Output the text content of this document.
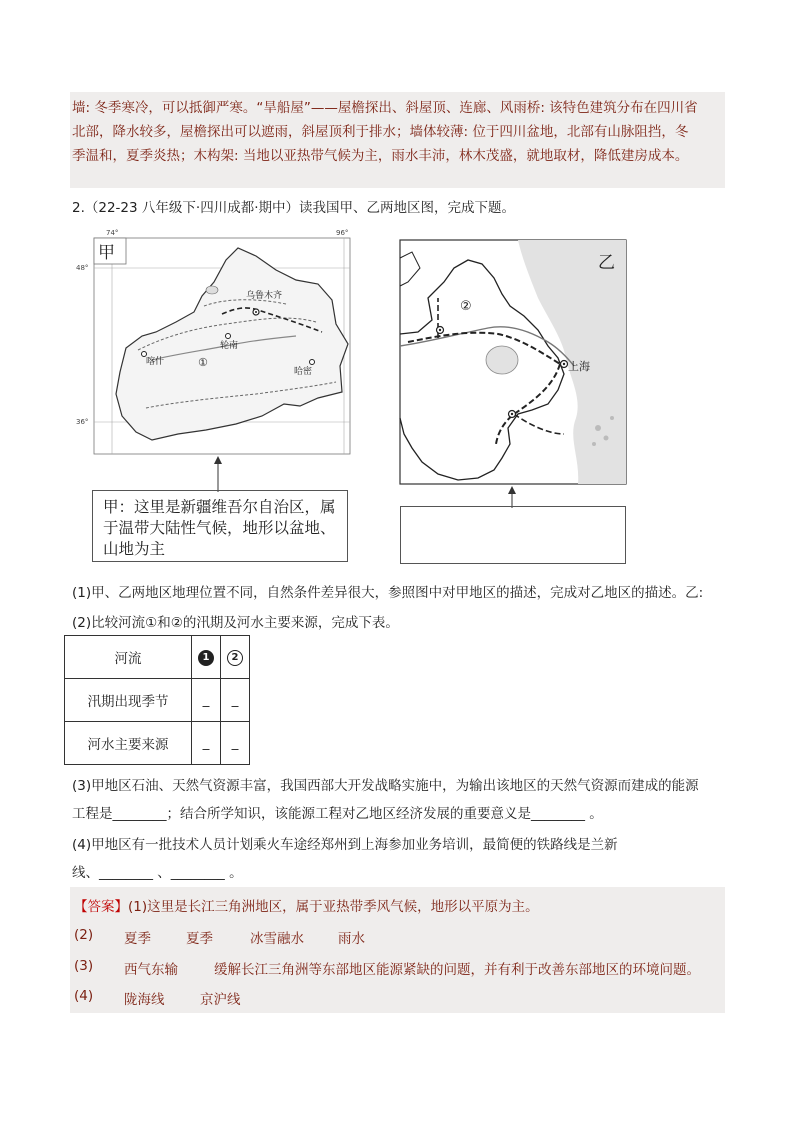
墙: 冬季寒冷，可以抵御严寒。“旱船屋”——屋檐探出、斜屋顶、连廊、风雨桥: 该特色建筑分布在四川省
北部，降水较多，屋檐探出可以遮雨，斜屋顶利于排水；墙体较薄: 位于四川盆地，北部有山脉阻挡，冬
季温和，夏季炎热；木构架: 当地以亚热带气候为主，雨水丰沛，林木茂盛，就地取材，降低建房成本。
2.（22-23 八年级下·四川成都·期中）读我国甲、乙两地区图，完成下题。
74°	96°
48°
36°
乌鲁木齐
轮南
喀什
哈密
①
甲
甲：这里是新疆维吾尔自治区，属于温带大陆性气候，地形以盆地、山地为主
上海
②
乙
(1)甲、乙两地区地理位置不同，自然条件差异很大，参照图中对甲地区的描述，完成对乙地区的描述。乙:
(2)比较河流①和②的汛期及河水主要来源，完成下表。
河流	1	2
汛期出现季节	_	_
河水主要来源	_	_
(3)甲地区石油、天然气资源丰富，我国西部大开发战略实施中，为输出该地区的天然气资源而建成的能源
工程是________；结合所学知识，该能源工程对乙地区经济发展的重要意义是________ 。
(4)甲地区有一批技术人员计划乘火车途经郑州到上海参加业务培训，最简便的铁路线是兰新
线、________ 、________ 。
【答案】(1)这里是长江三角洲地区，属于亚热带季风气候，地形以平原为主。
(2) 夏季	夏季	冰雪融水	雨水
(3) 西气东输	缓解长江三角洲等东部地区能源紧缺的问题，并有利于改善东部地区的环境问题。
(4) 陇海线	京沪线
